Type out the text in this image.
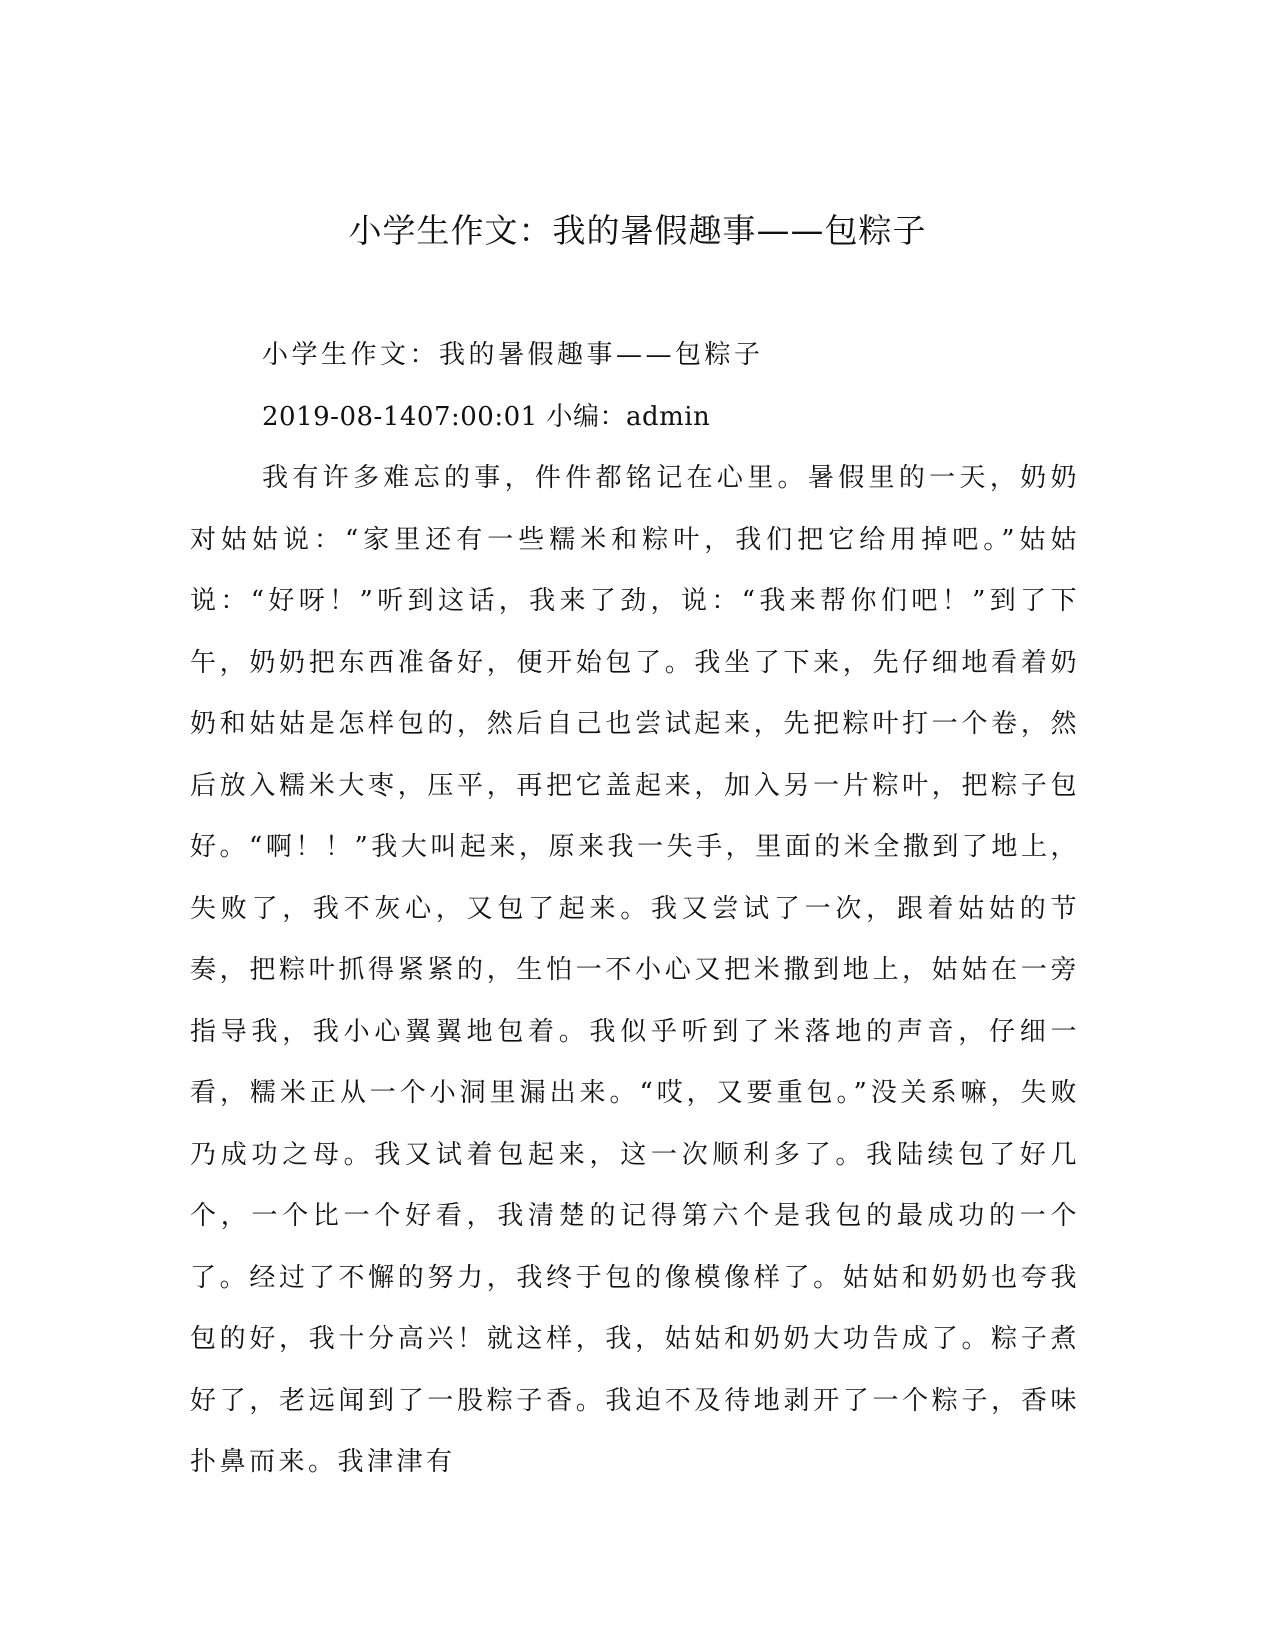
小学生作文：我的暑假趣事——包粽子

小学生作文：我的暑假趣事——包粽子

2019-08-1407:00:01 小编：admin

我有许多难忘的事，件件都铭记在心里。暑假里的一天，奶奶对姑姑说：“家里还有一些糯米和粽叶，我们把它给用掉吧。”姑姑说：“好呀！”听到这话，我来了劲，说：“我来帮你们吧！”到了下午，奶奶把东西准备好，便开始包了。我坐了下来，先仔细地看着奶奶和姑姑是怎样包的，然后自己也尝试起来，先把粽叶打一个卷，然后放入糯米大枣，压平，再把它盖起来，加入另一片粽叶，把粽子包好。“啊！！”我大叫起来，原来我一失手，里面的米全撒到了地上，失败了，我不灰心，又包了起来。我又尝试了一次，跟着姑姑的节奏，把粽叶抓得紧紧的，生怕一不小心又把米撒到地上，姑姑在一旁指导我，我小心翼翼地包着。我似乎听到了米落地的声音，仔细一看，糯米正从一个小洞里漏出来。“哎，又要重包。”没关系嘛，失败乃成功之母。我又试着包起来，这一次顺利多了。我陆续包了好几个，一个比一个好看，我清楚的记得第六个是我包的最成功的一个了。经过了不懈的努力，我终于包的像模像样了。姑姑和奶奶也夸我包的好，我十分高兴！就这样，我，姑姑和奶奶大功告成了。粽子煮好了，老远闻到了一股粽子香。我迫不及待地剥开了一个粽子，香味扑鼻而来。我津津有
